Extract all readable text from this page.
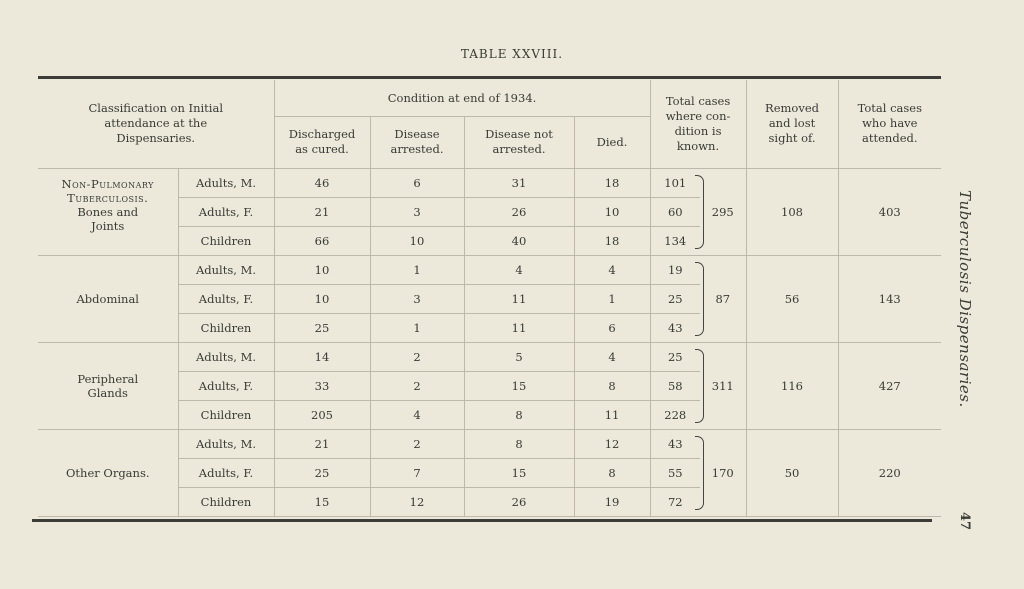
TABLE XXVIII.
Classification on Initial attendance at the Dispensaries.		Condition at end of 1934.				Total cases where con- dition is known.		Removed and lost sight of.	Total cases who have attended.
		Discharged as cured.	Disease arrested.	Disease not arrested.	Died.				

Non-Pulmonary
Tuberculosis.
Bones and
Joints	Adults, M.	46	6	31	18	101	295	108	403
	Adults, F.	21	3	26	10	60			
	Children	66	10	40	18	134			

Abdominal	Adults, M.	10	1	4	4	19	87	56	143
	Adults, F.	10	3	11	1	25			
	Children	25	1	11	6	43			

Peripheral
Glands	Adults, M.	14	2	5	4	25	311	116	427
	Adults, F.	33	2	15	8	58			
	Children	205	4	8	11	228			

Other Organs.	Adults, M.	21	2	8	12	43	170	50	220
	Adults, F.	25	7	15	8	55			
	Children	15	12	26	19	72			
Tuberculosis Dispensaries.
47
